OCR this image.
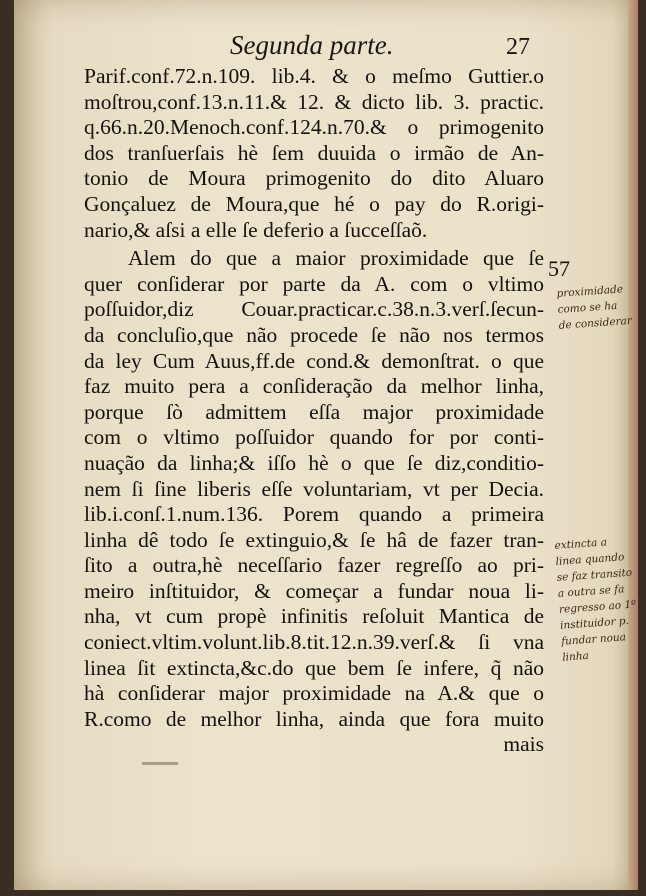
Segunda parte.	27
Parif.conf.72.n.109. lib.4. & o meſmo Guttier.o
moſtrou,conf.13.n.11.& 12. & dicto lib. 3. practic.
q.66.n.20.Menoch.conf.124.n.70.& o primogenito
dos tranſuerſais hè ſem duuida o irmão de An-
tonio de Moura primogenito do dito Aluaro
Gonçaluez de Moura,que hé o pay do R.origi-
nario,& aſsi a elle ſe deferio a ſucceſſaõ.
Alem do que a maior proximidade que ſe
quer conſiderar por parte da A. com o vltimo
poſſuidor,diz Couar.practicar.c.38.n.3.verſ.ſecun-
da concluſio,que não procede ſe não nos termos
da ley Cum Auus,ff.de cond.& demonſtrat. o que
faz muito pera a conſideração da melhor linha,
porque ſò admittem eſſa major proximidade
com o vltimo poſſuidor quando for por conti-
nuação da linha;& iſſo hè o que ſe diz,conditio-
nem ſi ſine liberis eſſe voluntariam, vt per Decia.
lib.i.conſ.1.num.136. Porem quando a primeira
linha dê todo ſe extinguio,& ſe hâ de fazer tran-
ſito a outra,hè neceſſario fazer regreſſo ao pri-
meiro inſtituidor, & começar a fundar noua li-
nha, vt cum propè infinitis reſoluit Mantica de
coniect.vltim.volunt.lib.8.tit.12.n.39.verſ.& ſi vna
linea ſit extincta,&c.do que bem ſe infere, q̃ não
hà conſiderar major proximidade na A.& que o
R.como de melhor linha, ainda que fora muito
mais
57
proximidade
como se ha
de considerar
extincta a
linea quando
se faz transito
a outra se fa
regresso ao 1º
instituidor p.
fundar noua
linha
